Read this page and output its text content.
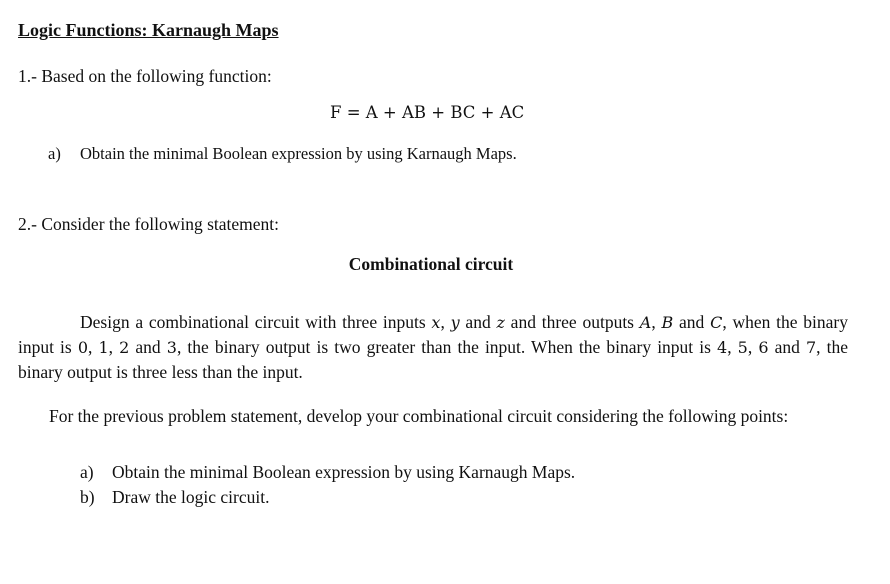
Logic Functions: Karnaugh Maps
1.- Based on the following function:
F = A + AB + BC + AC
a) Obtain the minimal Boolean expression by using Karnaugh Maps.
2.- Consider the following statement:
Combinational circuit
Design a combinational circuit with three inputs x, y and z and three outputs A, B and C, when the binary input is 0, 1, 2 and 3, the binary output is two greater than the input. When the binary input is 4, 5, 6 and 7, the binary output is three less than the input.
For the previous problem statement, develop your combinational circuit considering the following points:
a) Obtain the minimal Boolean expression by using Karnaugh Maps.
b) Draw the logic circuit.
